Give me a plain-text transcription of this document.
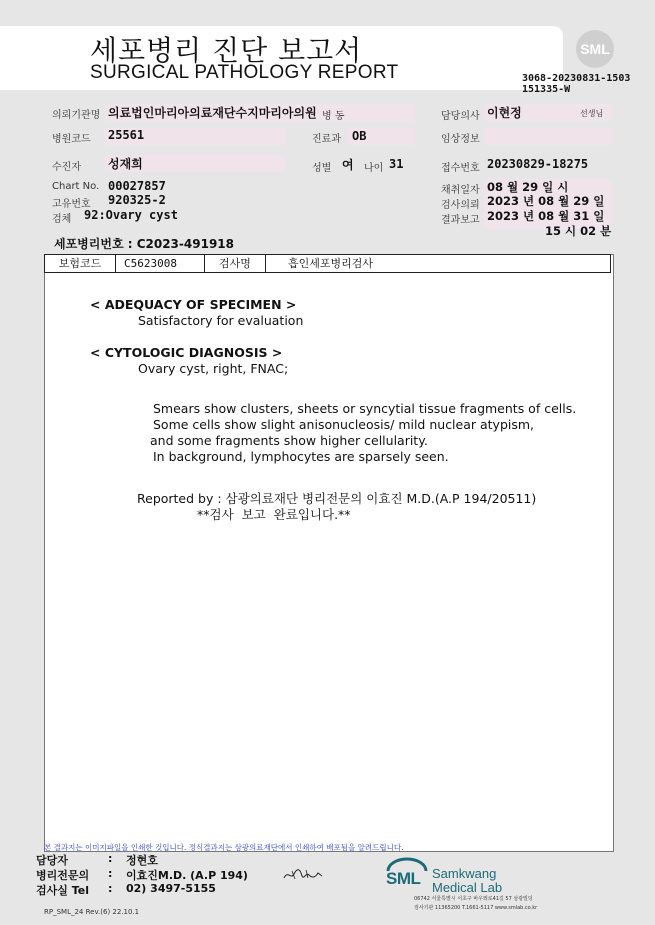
세포병리 진단 보고서
SURGICAL PATHOLOGY REPORT
SML
3068-20230831-1503
151335-W
의뢰기관명 의료법인마리아의료재단수지마리아의원 병 동	담당의사 이현정	선생님
병원코드 25561	진료과 OB	임상정보
수진자 성재희	성별 여 나이 31	접수번호 20230829-18275
Chart No. 00027857
고유번호 920325-2
검체 92:Ovary cyst
채취일자 08 월 29 일 시
검사의뢰 2023 년 08 월 29 일
결과보고 2023 년 08 월 31 일
15 시 02 분
세포병리번호 : C2023-491918
보험코드	C5623008	검사명	흡인세포병리검사
< ADEQUACY OF SPECIMEN >
Satisfactory for evaluation
< CYTOLOGIC DIAGNOSIS >
Ovary cyst, right, FNAC;
Smears show clusters, sheets or syncytial tissue fragments of cells.
Some cells show slight anisonucleosis/ mild nuclear atypism,
and some fragments show higher cellularity.
In background, lymphocytes are sparsely seen.
Reported by : 삼광의료재단 병리전문의 이효진 M.D.(A.P 194/20511)
**검사  보고  완료입니다.**
본 결과지는 이미지파일을 인쇄한 것입니다. 정식결과지는 삼광의료재단에서 인쇄하여 배포됨을 알려드립니다.
담당자	: 정현호
병리전문의 : 이효진M.D. (A.P 194)
검사실 Tel : 02) 3497-5155
RP_SML_24 Rev.(6) 22.10.1
SML Samkwang
Medical Lab
06742 서울특별시 서초구 바우뫼로41길 57 삼광빌딩
검사기관 11365200 T.1661-5117 www.smlab.co.kr
